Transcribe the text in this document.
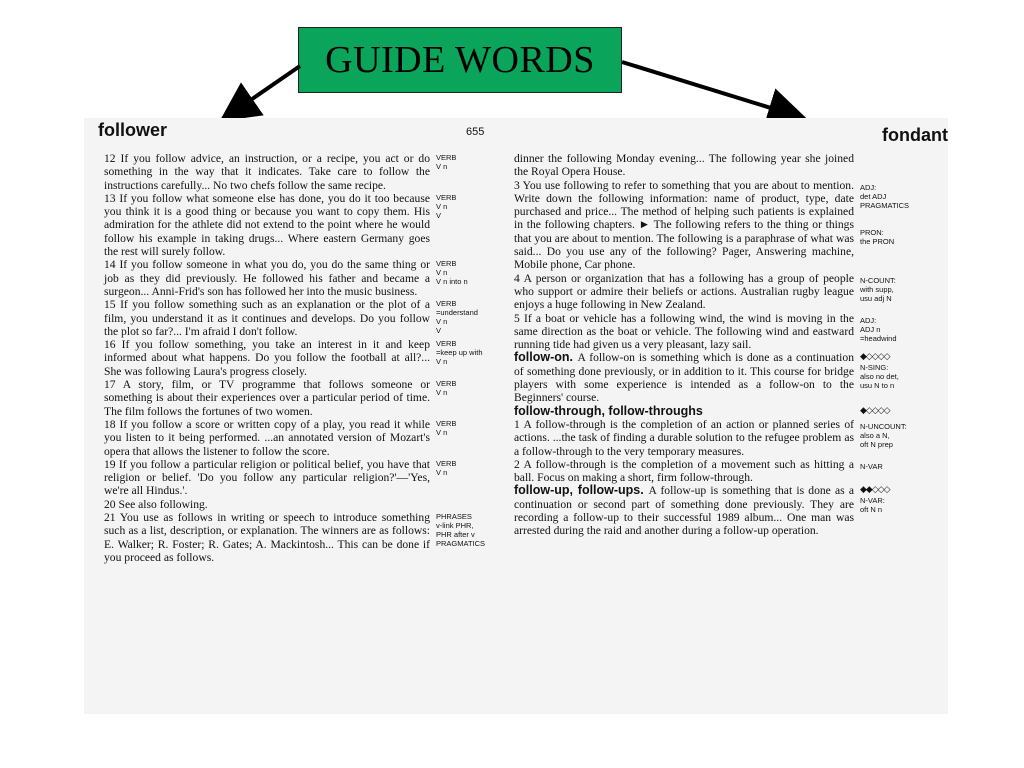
GUIDE WORDS
follower	655	fondant

12 If you follow advice, an instruction, or a recipe, you act or do something in the way that it indicates. Take care to follow the instructions carefully... No two chefs follow the same recipe.
VERB
V n

13 If you follow what someone else has done, you do it too because you think it is a good thing or because you want to copy them. His admiration for the athlete did not extend to the point where he would follow his example in taking drugs... Where eastern Germany goes the rest will surely follow.
VERB
V n
V

14 If you follow someone in what you do, you do the same thing or job as they did previously. He followed his father and became a surgeon... Anni-Frid's son has followed her into the music business.
VERB
V n
V n into n

15 If you follow something such as an explanation or the plot of a film, you understand it as it continues and develops. Do you follow the plot so far?... I'm afraid I don't follow.
VERB
=understand
V n
V

16 If you follow something, you take an interest in it and keep informed about what happens. Do you follow the football at all?... She was following Laura's progress closely.
VERB
=keep up with
V n

17 A story, film, or TV programme that follows someone or something is about their experiences over a particular period of time. The film follows the fortunes of two women.
VERB
V n

18 If you follow a score or written copy of a play, you read it while you listen to it being performed. ...an annotated version of Mozart's opera that allows the listener to follow the score.
VERB
V n

19 If you follow a particular religion or political belief, you have that religion or belief. 'Do you follow any particular religion?'—'Yes, we're all Hindus.'.
VERB
V n

20 See also following.

21 You use as follows in writing or speech to introduce something such as a list, description, or explanation. The winners are as follows: E. Walker; R. Foster; R. Gates; A. Mackintosh... This can be done if you proceed as follows.
PHRASES
v-link PHR,
PHR after v
PRAGMATICS

dinner the following Monday evening... The following year she joined the Royal Opera House.

3 You use following to refer to something that you are about to mention. Write down the following information: name of product, type, date purchased and price... The method of helping such patients is explained in the following chapters. ► The following refers to the thing or things that you are about to mention. The following is a paraphrase of what was said... Do you use any of the following? Pager, Answering machine, Mobile phone, Car phone.
ADJ:
det ADJ
PRAGMATICS

PRON:
the PRON

4 A person or organization that has a following has a group of people who support or admire their beliefs or actions. Australian rugby league enjoys a huge following in New Zealand.
N-COUNT:
with supp,
usu adj N

5 If a boat or vehicle has a following wind, the wind is moving in the same direction as the boat or vehicle. The following wind and eastward running tide had given us a very pleasant, lazy sail.
ADJ:
ADJ n
=headwind

follow-on. A follow-on is something which is done as a continuation of something done previously, or in addition to it. This course for bridge players with some experience is intended as a follow-on to the Beginners' course.
◆◇◇◇◇
N-SING:
also no det,
usu N to n

follow-through, follow-throughs	◆◇◇◇◇

1 A follow-through is the completion of an action or planned series of actions. ...the task of finding a durable solution to the refugee problem as a follow-through to the very temporary measures.
N-UNCOUNT:
also a N,
oft N prep

2 A follow-through is the completion of a movement such as hitting a ball. Focus on making a short, firm follow-through.
N-VAR

follow-up, follow-ups. A follow-up is something that is done as a continuation or second part of something done previously. They are recording a follow-up to their successful 1989 album... One man was arrested during the raid and another during a follow-up operation.
◆◆◇◇◇
N-VAR:
oft N n
